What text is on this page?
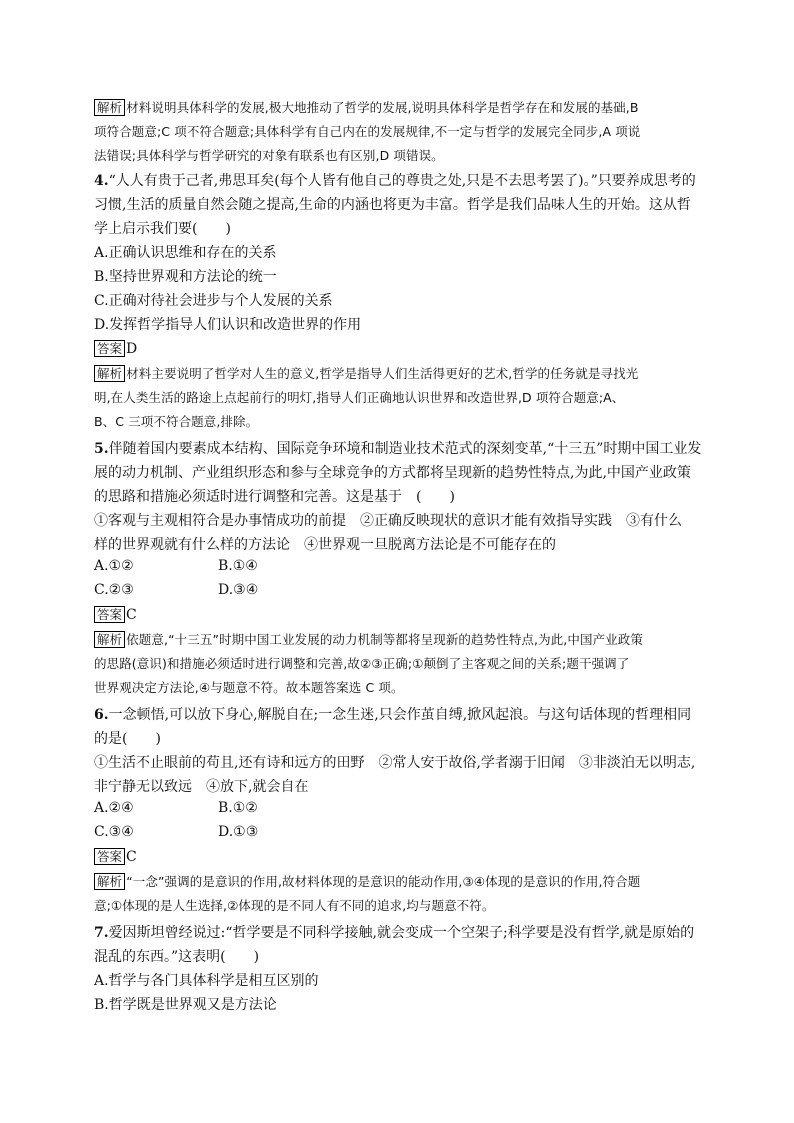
解析 材料说明具体科学的发展,极大地推动了哲学的发展,说明具体科学是哲学存在和发展的基础,B
项符合题意;C 项不符合题意;具体科学有自己内在的发展规律,不一定与哲学的发展完全同步,A 项说
法错误;具体科学与哲学研究的对象有联系也有区别,D 项错误。
4.“人人有贵于己者,弗思耳矣(每个人皆有他自己的尊贵之处,只是不去思考罢了)。”只要养成思考的
习惯,生活的质量自然会随之提高,生命的内涵也将更为丰富。哲学是我们品味人生的开始。这从哲
学上启示我们要(　　)
A.正确认识思维和存在的关系
B.坚持世界观和方法论的统一
C.正确对待社会进步与个人发展的关系
D.发挥哲学指导人们认识和改造世界的作用
答案 D
解析 材料主要说明了哲学对人生的意义,哲学是指导人们生活得更好的艺术,哲学的任务就是寻找光
明,在人类生活的路途上点起前行的明灯,指导人们正确地认识世界和改造世界,D 项符合题意;A、
B、C 三项不符合题意,排除。
5.伴随着国内要素成本结构、国际竞争环境和制造业技术范式的深刻变革,“十三五”时期中国工业发
展的动力机制、产业组织形态和参与全球竞争的方式都将呈现新的趋势性特点,为此,中国产业政策
的思路和措施必须适时进行调整和完善。这是基于　(　　)
①客观与主观相符合是办事情成功的前提　②正确反映现状的意识才能有效指导实践　③有什么
样的世界观就有什么样的方法论　④世界观一旦脱离方法论是不可能存在的
A.①②	B.①④
C.②③	D.③④
答案 C
解析 依题意,“十三五”时期中国工业发展的动力机制等都将呈现新的趋势性特点,为此,中国产业政策
的思路(意识)和措施必须适时进行调整和完善,故②③正确;①颠倒了主客观之间的关系;题干强调了
世界观决定方法论,④与题意不符。故本题答案选 C 项。
6.一念顿悟,可以放下身心,解脱自在;一念生迷,只会作茧自缚,掀风起浪。与这句话体现的哲理相同
的是(　　)
①生活不止眼前的苟且,还有诗和远方的田野　②常人安于故俗,学者溺于旧闻　③非淡泊无以明志,
非宁静无以致远　④放下,就会自在
A.②④	B.①②
C.③④	D.①③
答案 C
解析 “一念”强调的是意识的作用,故材料体现的是意识的能动作用,③④体现的是意识的作用,符合题
意;①体现的是人生选择,②体现的是不同人有不同的追求,均与题意不符。
7.爱因斯坦曾经说过:“哲学要是不同科学接触,就会变成一个空架子;科学要是没有哲学,就是原始的
混乱的东西。”这表明(　　)
A.哲学与各门具体科学是相互区别的
B.哲学既是世界观又是方法论
